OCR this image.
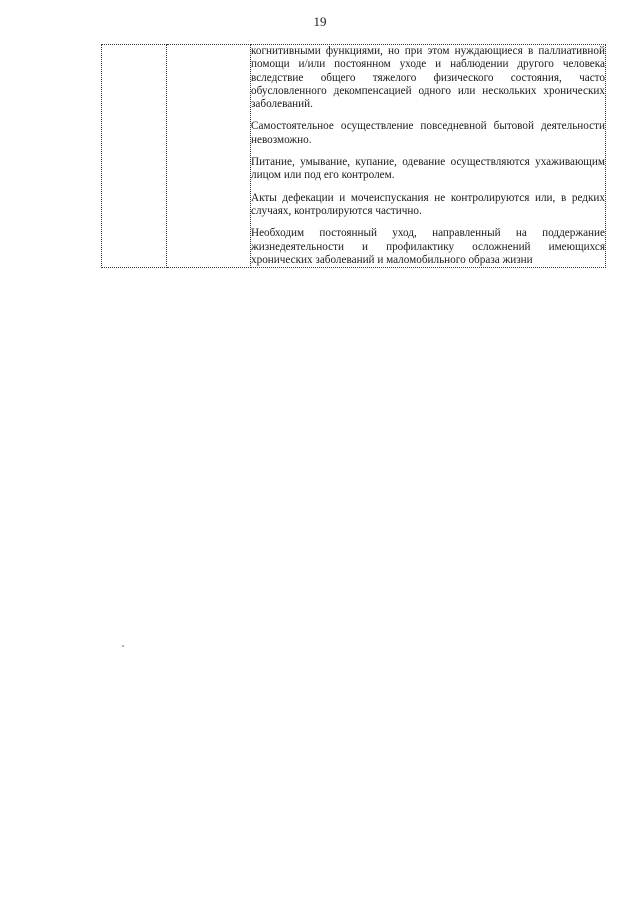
19

когнитивными функциями, но при этом нуждающиеся в паллиативной помощи и/или постоянном уходе и наблюдении другого человека вследствие общего тяжелого физического состояния, часто обусловленного декомпенсацией одного или нескольких хронических заболеваний.

Самостоятельное осуществление повседневной бытовой деятельности невозможно.

Питание, умывание, купание, одевание осуществляются ухаживающим лицом или под его контролем.

Акты дефекации и мочеиспускания не контролируются или, в редких случаях, контролируются частично.

Необходим постоянный уход, направленный на поддержание жизнедеятельности и профилактику осложнений имеющихся хронических заболеваний и маломобильного образа жизни
